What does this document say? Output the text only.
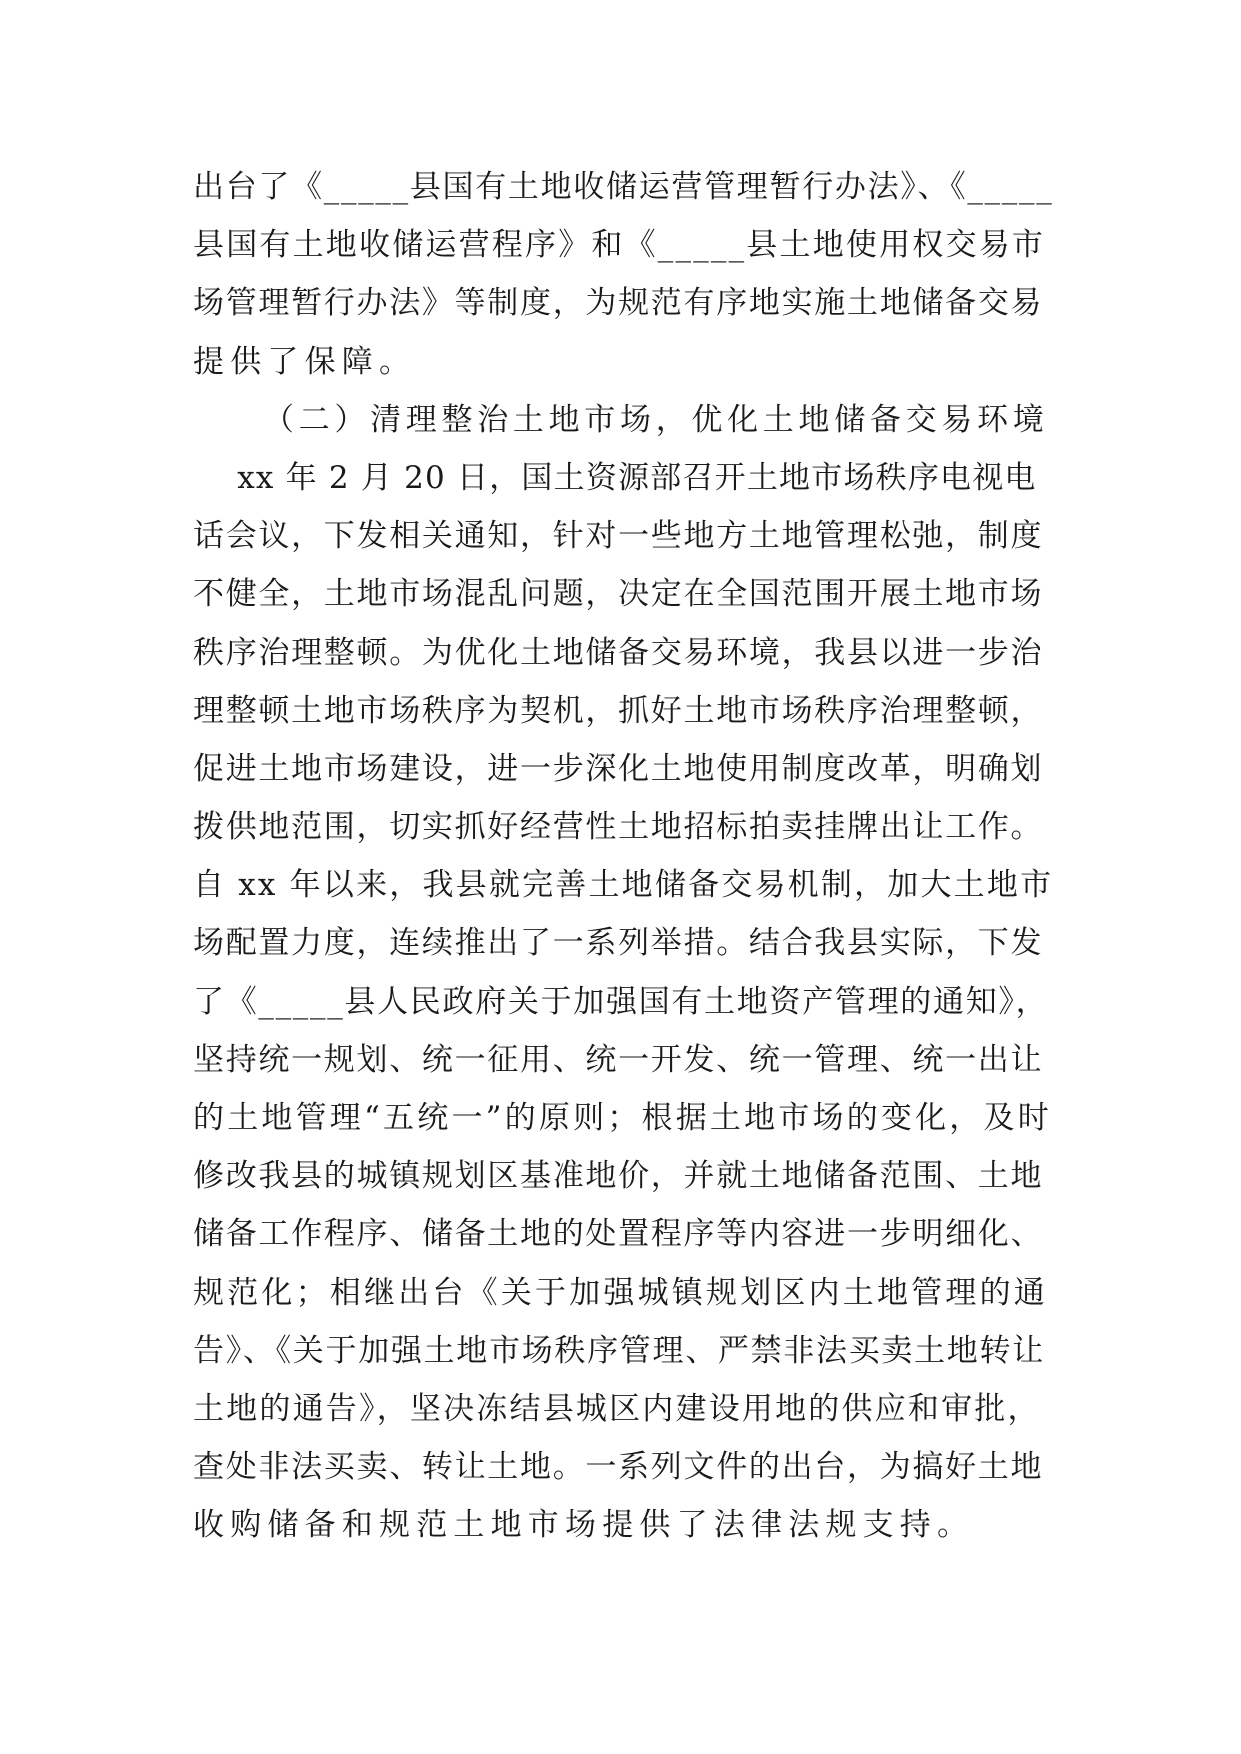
出台了《_____县国有土地收储运营管理暂行办法》、《_____
县国有土地收储运营程序》和《_____县土地使用权交易市
场管理暂行办法》等制度，为规范有序地实施土地储备交易
提供了保障。
（二）清理整治土地市场，优化土地储备交易环境
xx 年 2 月 20 日，国土资源部召开土地市场秩序电视电
话会议，下发相关通知，针对一些地方土地管理松弛，制度
不健全，土地市场混乱问题，决定在全国范围开展土地市场
秩序治理整顿。为优化土地储备交易环境，我县以进一步治
理整顿土地市场秩序为契机，抓好土地市场秩序治理整顿，
促进土地市场建设，进一步深化土地使用制度改革，明确划
拨供地范围，切实抓好经营性土地招标拍卖挂牌出让工作。
自 xx 年以来，我县就完善土地储备交易机制，加大土地市
场配置力度，连续推出了一系列举措。结合我县实际，下发
了《_____县人民政府关于加强国有土地资产管理的通知》，
坚持统一规划、统一征用、统一开发、统一管理、统一出让
的土地管理“五统一”的原则；根据土地市场的变化，及时
修改我县的城镇规划区基准地价，并就土地储备范围、土地
储备工作程序、储备土地的处置程序等内容进一步明细化、
规范化；相继出台《关于加强城镇规划区内土地管理的通
告》、《关于加强土地市场秩序管理、严禁非法买卖土地转让
土地的通告》，坚决冻结县城区内建设用地的供应和审批，
查处非法买卖、转让土地。一系列文件的出台，为搞好土地
收购储备和规范土地市场提供了法律法规支持。
